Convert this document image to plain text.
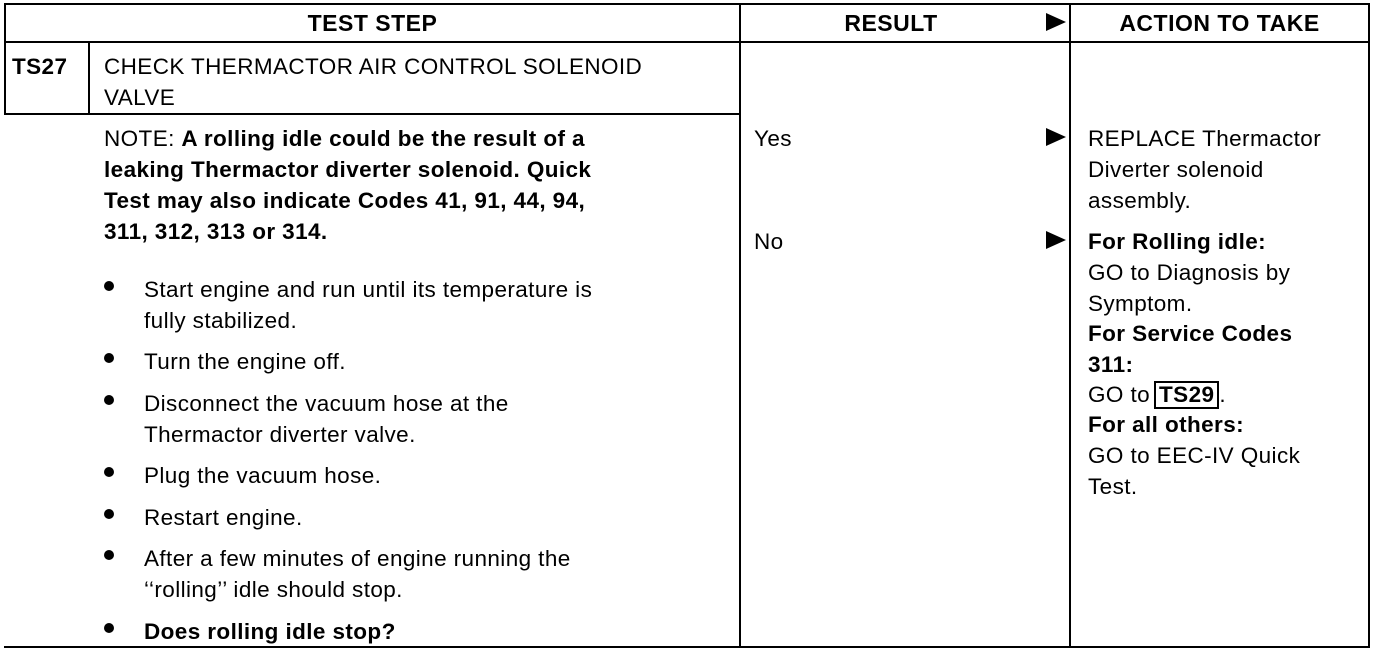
TEST STEP	RESULT	ACTION TO TAKE
TS27 CHECK THERMACTOR AIR CONTROL SOLENOID
VALVE
NOTE: A rolling idle could be the result of a
leaking Thermactor diverter solenoid. Quick
Test may also indicate Codes 41, 91, 44, 94,
311, 312, 313 or 314.
Start engine and run until its temperature is
fully stabilized.
Turn the engine off.
Disconnect the vacuum hose at the
Thermactor diverter valve.
Plug the vacuum hose.
Restart engine.
After a few minutes of engine running the
‘‘rolling’’ idle should stop.
Does rolling idle stop?
Yes
No
REPLACE Thermactor
Diverter solenoid
assembly.
For Rolling idle:
GO to Diagnosis by
Symptom.
For Service Codes
311:
GO to TS29 .
For all others:
GO to EEC-IV Quick
Test.
